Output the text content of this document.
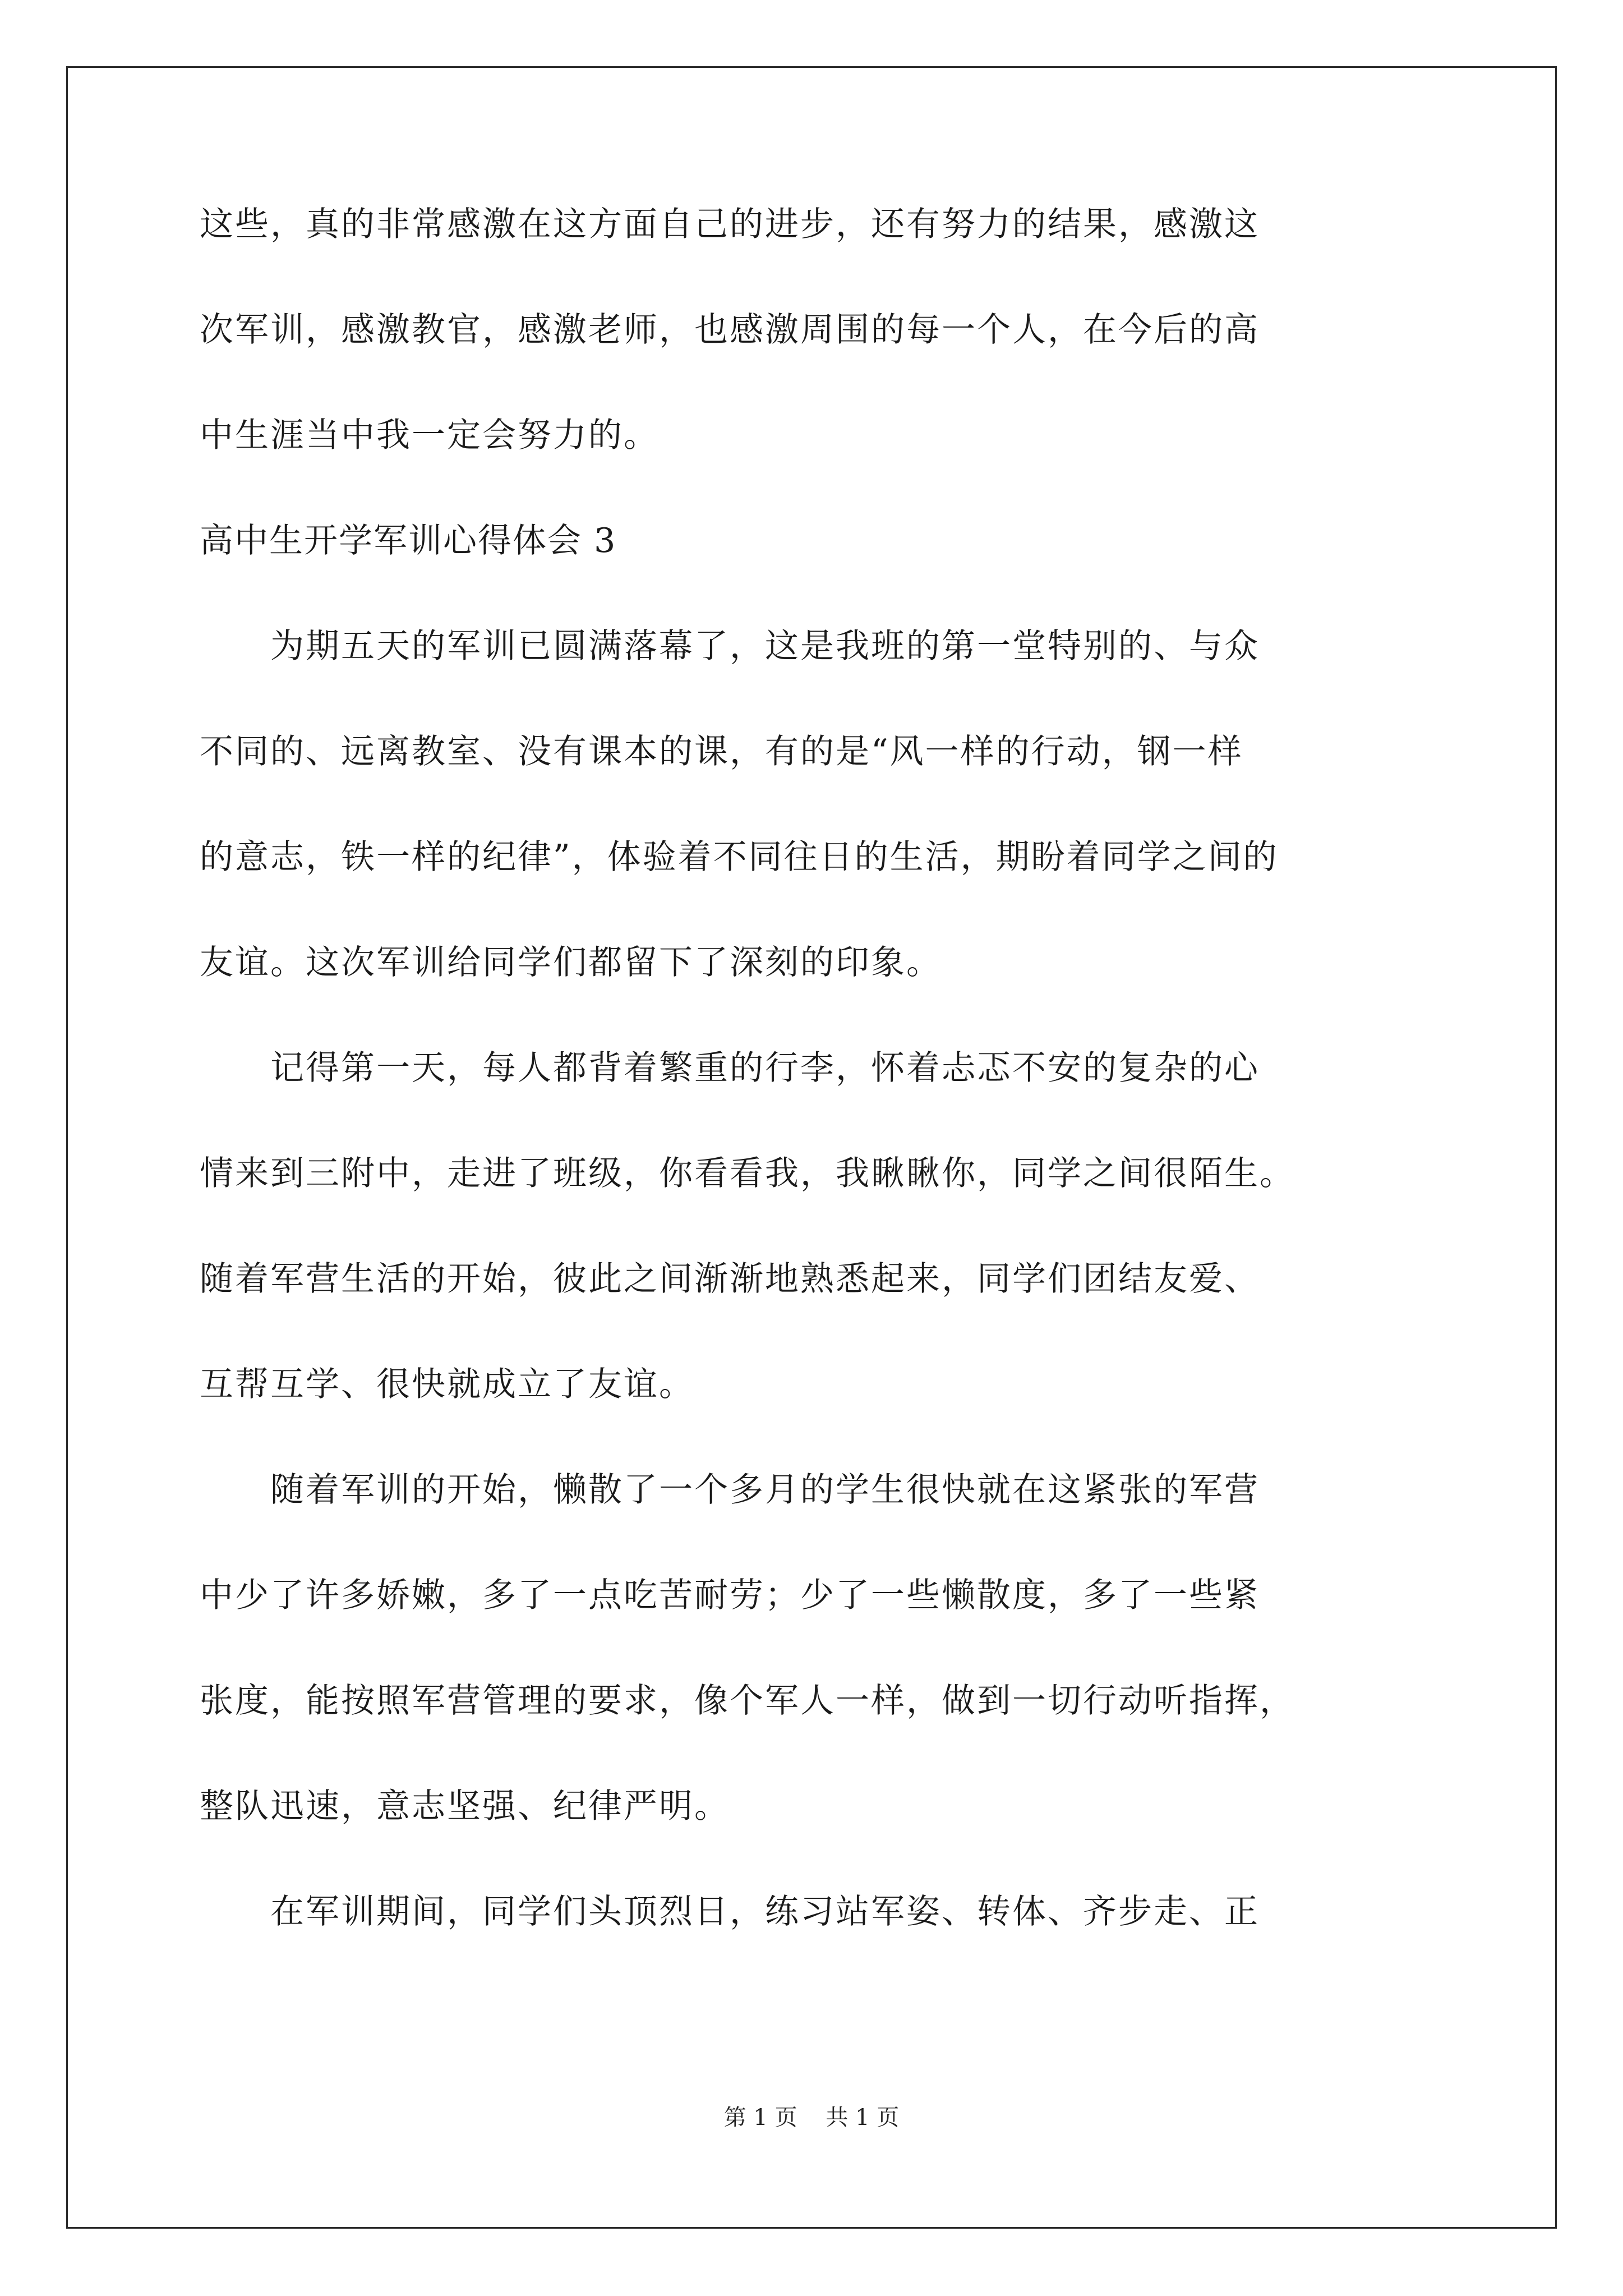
这些，真的非常感激在这方面自己的进步，还有努力的结果，感激这
次军训，感激教官，感激老师，也感激周围的每一个人，在今后的高
中生涯当中我一定会努力的。
高中生开学军训心得体会 3
　　为期五天的军训已圆满落幕了，这是我班的第一堂特别的、与众
不同的、远离教室、没有课本的课，有的是“风一样的行动，钢一样
的意志，铁一样的纪律”，体验着不同往日的生活，期盼着同学之间的
友谊。这次军训给同学们都留下了深刻的印象。
　　记得第一天，每人都背着繁重的行李，怀着忐忑不安的复杂的心
情来到三附中，走进了班级，你看看我，我瞅瞅你，同学之间很陌生。
随着军营生活的开始，彼此之间渐渐地熟悉起来，同学们团结友爱、
互帮互学、很快就成立了友谊。
　　随着军训的开始，懒散了一个多月的学生很快就在这紧张的军营
中少了许多娇嫩，多了一点吃苦耐劳；少了一些懒散度，多了一些紧
张度，能按照军营管理的要求，像个军人一样，做到一切行动听指挥，
整队迅速，意志坚强、纪律严明。
　　在军训期间，同学们头顶烈日，练习站军姿、转体、齐步走、正
第 1 页    共 1 页
